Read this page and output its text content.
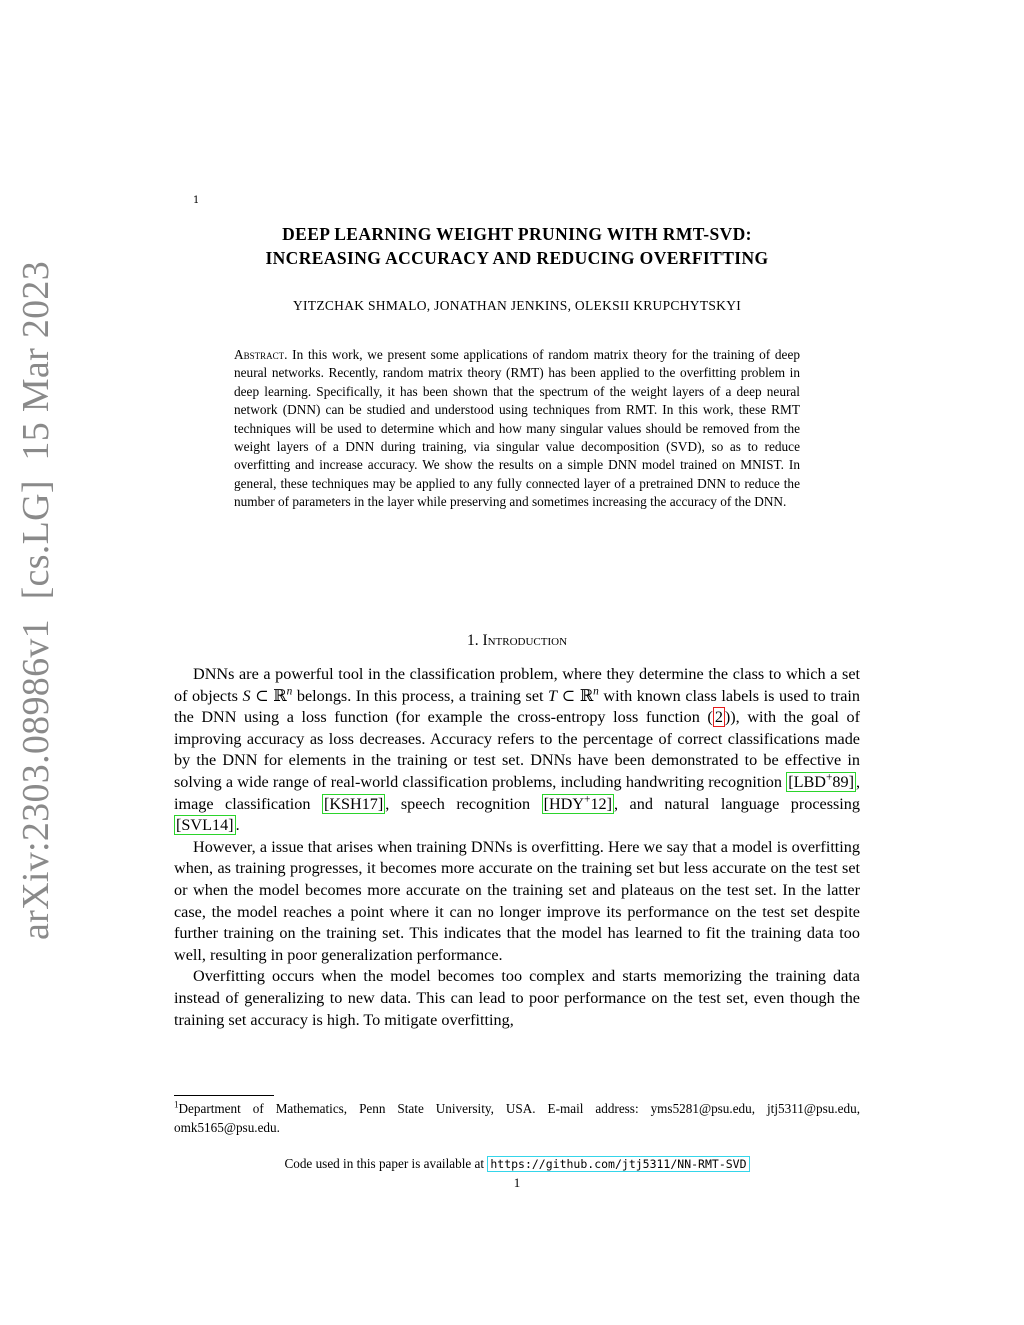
arXiv:2303.08986v1  [cs.LG]  15 Mar 2023
1
DEEP LEARNING WEIGHT PRUNING WITH RMT-SVD:
INCREASING ACCURACY AND REDUCING OVERFITTING
YITZCHAK SHMALO, JONATHAN JENKINS, OLEKSII KRUPCHYTSKYI
Abstract. In this work, we present some applications of random matrix theory for the training of deep neural networks. Recently, random matrix theory (RMT) has been applied to the overfitting problem in deep learning. Specifically, it has been shown that the spectrum of the weight layers of a deep neural network (DNN) can be studied and understood using techniques from RMT. In this work, these RMT techniques will be used to determine which and how many singular values should be removed from the weight layers of a DNN during training, via singular value decomposition (SVD), so as to reduce overfitting and increase accuracy. We show the results on a simple DNN model trained on MNIST. In general, these techniques may be applied to any fully connected layer of a pretrained DNN to reduce the number of parameters in the layer while preserving and sometimes increasing the accuracy of the DNN.
1. Introduction

DNNs are a powerful tool in the classification problem, where they determine the class to which a set of objects S ⊂ ℝ$^n$ belongs. In this process, a training set T ⊂ ℝ$^n$ with known class labels is used to train the DNN using a loss function (for example the cross-entropy loss function ( 2 )), with the goal of improving accuracy as loss decreases. Accuracy refers to the percentage of correct classifications made by the DNN for elements in the training or test set. DNNs have been demonstrated to be effective in solving a wide range of real-world classification problems, including handwriting recognition [LBD+89] , image classification [KSH17] , speech recognition [HDY+12] , and natural language processing [SVL14] .

However, a issue that arises when training DNNs is overfitting. Here we say that a model is overfitting when, as training progresses, it becomes more accurate on the training set but less accurate on the test set or when the model becomes more accurate on the training set and plateaus on the test set. In the latter case, the model reaches a point where it can no longer improve its performance on the test set despite further training on the training set. This indicates that the model has learned to fit the training data too well, resulting in poor generalization performance.

Overfitting occurs when the model becomes too complex and starts memorizing the training data instead of generalizing to new data. This can lead to poor performance on the test set, even though the training set accuracy is high. To mitigate overfitting,

$^1$Department of Mathematics, Penn State University, USA. E-mail address: yms5281@psu.edu, jtj5311@psu.edu, omk5165@psu.edu.
Code used in this paper is available at https://github.com/jtj5311/NN-RMT-SVD
1
